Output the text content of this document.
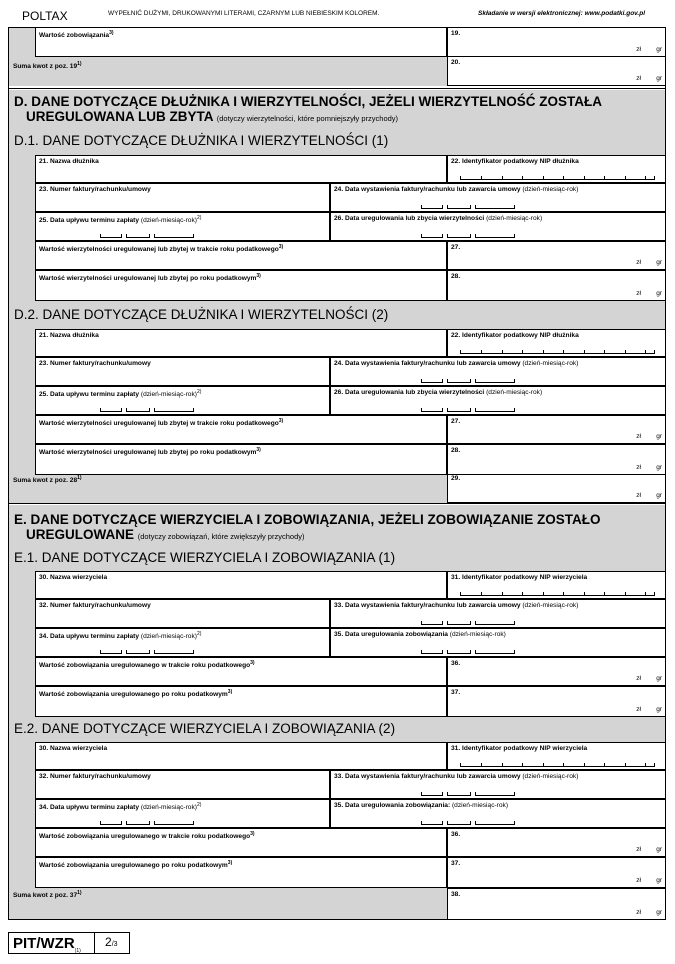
POLTAX	WYPEŁNIĆ DUŻYMI, DRUKOWANYMI LITERAMI, CZARNYM LUB NIEBIESKIM KOLOREM.	Składanie w wersji elektronicznej: www.podatki.gov.pl
Wartość zobowiązania$^{3)}$	19.
zł gr
Suma kwot z poz. 19$^{1)}$	20.
zł gr
D. DANE DOTYCZĄCE DŁUŻNIKA I WIERZYTELNOŚCI, JEŻELI WIERZYTELNOŚĆ ZOSTAŁA
UREGULOWANA LUB ZBYTA (dotyczy wierzytelności, które pomniejszyły przychody)
D.1. DANE DOTYCZĄCE DŁUŻNIKA I WIERZYTELNOŚCI (1)
D.2. DANE DOTYCZĄCE DŁUŻNIKA I WIERZYTELNOŚCI (2)
E. DANE DOTYCZĄCE WIERZYCIELA I ZOBOWIĄZANIA, JEŻELI ZOBOWIĄZANIE ZOSTAŁO
UREGULOWANE (dotyczy zobowiązań, które zwiększyły przychody)
E.1. DANE DOTYCZĄCE WIERZYCIELA I ZOBOWIĄZANIA (1)
E.2. DANE DOTYCZĄCE WIERZYCIELA I ZOBOWIĄZANIA (2)
Suma kwot z poz. 28$^{1)}$	29.
zł gr
Suma kwot z poz. 37$^{1)}$	38.
zł gr
21. Nazwa dłużnika	22. Identyfikator podatkowy NIP dłużnika
23. Numer faktury/rachunku/umowy	24. Data wystawienia faktury/rachunku lub zawarcia umowy (dzień-miesiąc-rok)
25. Data upływu terminu zapłaty (dzień-miesiąc-rok)$^{2)}$	26. Data uregulowania lub zbycia wierzytelności (dzień-miesiąc-rok)
Wartość wierzytelności uregulowanej lub zbytej w trakcie roku podatkowego$^{3)}$	27.
zł gr
Wartość wierzytelności uregulowanej lub zbytej po roku podatkowym$^{3)}$	28.
zł gr
21. Nazwa dłużnika	22. Identyfikator podatkowy NIP dłużnika
23. Numer faktury/rachunku/umowy	24. Data wystawienia faktury/rachunku lub zawarcia umowy (dzień-miesiąc-rok)
25. Data upływu terminu zapłaty (dzień-miesiąc-rok)$^{2)}$	26. Data uregulowania lub zbycia wierzytelności (dzień-miesiąc-rok)
Wartość wierzytelności uregulowanej lub zbytej w trakcie roku podatkowego$^{3)}$	27.
zł gr
Wartość wierzytelności uregulowanej lub zbytej po roku podatkowym$^{3)}$	28.
zł gr
30. Nazwa wierzyciela	31. Identyfikator podatkowy NIP wierzyciela
32. Numer faktury/rachunku/umowy	33. Data wystawienia faktury/rachunku lub zawarcia umowy (dzień-miesiąc-rok)
34. Data upływu terminu zapłaty (dzień-miesiąc-rok)$^{2)}$	35. Data uregulowania zobowiązania (dzień-miesiąc-rok)
Wartość zobowiązania uregulowanego w trakcie roku podatkowego$^{3)}$	36.
zł gr
Wartość zobowiązania uregulowanego po roku podatkowym$^{3)}$	37.
zł gr
30. Nazwa wierzyciela	31. Identyfikator podatkowy NIP wierzyciela
32. Numer faktury/rachunku/umowy	33. Data wystawienia faktury/rachunku lub zawarcia umowy (dzień-miesiąc-rok)
34. Data upływu terminu zapłaty (dzień-miesiąc-rok)$^{2)}$	35. Data uregulowania zobowiązania: (dzień-miesiąc-rok)
Wartość zobowiązania uregulowanego w trakcie roku podatkowego$^{3)}$	36.
zł gr
Wartość zobowiązania uregulowanego po roku podatkowym$^{3)}$	37.
zł gr
PIT/$WZR_{(1)}$
2/3
